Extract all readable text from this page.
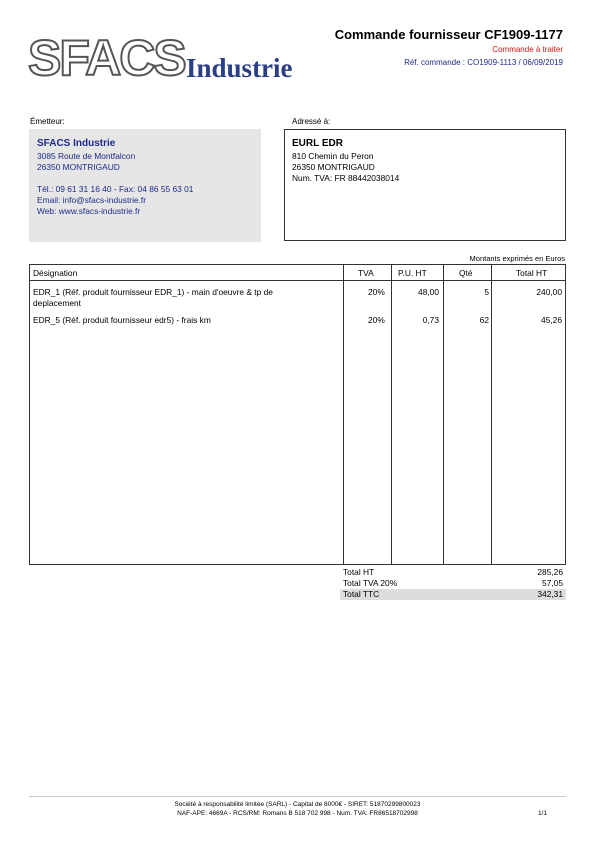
SFACS Industrie
Commande fournisseur CF1909-1177
Commande à traiter
Réf. commande : CO1909-1113 / 06/09/2019
Émetteur:	Adressé à:
SFACS Industrie
3085 Route de Montfalcon
26350 MONTRIGAUD
Tél.: 09 61 31 16 40 - Fax: 04 86 55 63 01
Email: info@sfacs-industrie.fr
Web: www.sfacs-industrie.fr
EURL EDR
810 Chemin du Peron
26350 MONTRIGAUD
Num. TVA: FR 88442038014
Montants exprimés en Euros
Désignation	TVA	P.U. HT	Qté	Total HT
EDR_1 (Réf. produit fournisseur EDR_1) - main d'oeuvre & tp de
deplacement
20%	48,00	5	240,00
EDR_5 (Réf. produit fournisseur edr5) - frais km	20%	0,73	62	45,26
Total HT	285,26
Total TVA 20%	57,05
Total TTC	342,31
Société à responsabilité limitée (SARL) - Capital de 8000€ - SIRET: 51870299800023
NAF-APE: 4669A - RCS/RM: Romans B 518 702 998 - Num. TVA: FR86518702998	1/1
